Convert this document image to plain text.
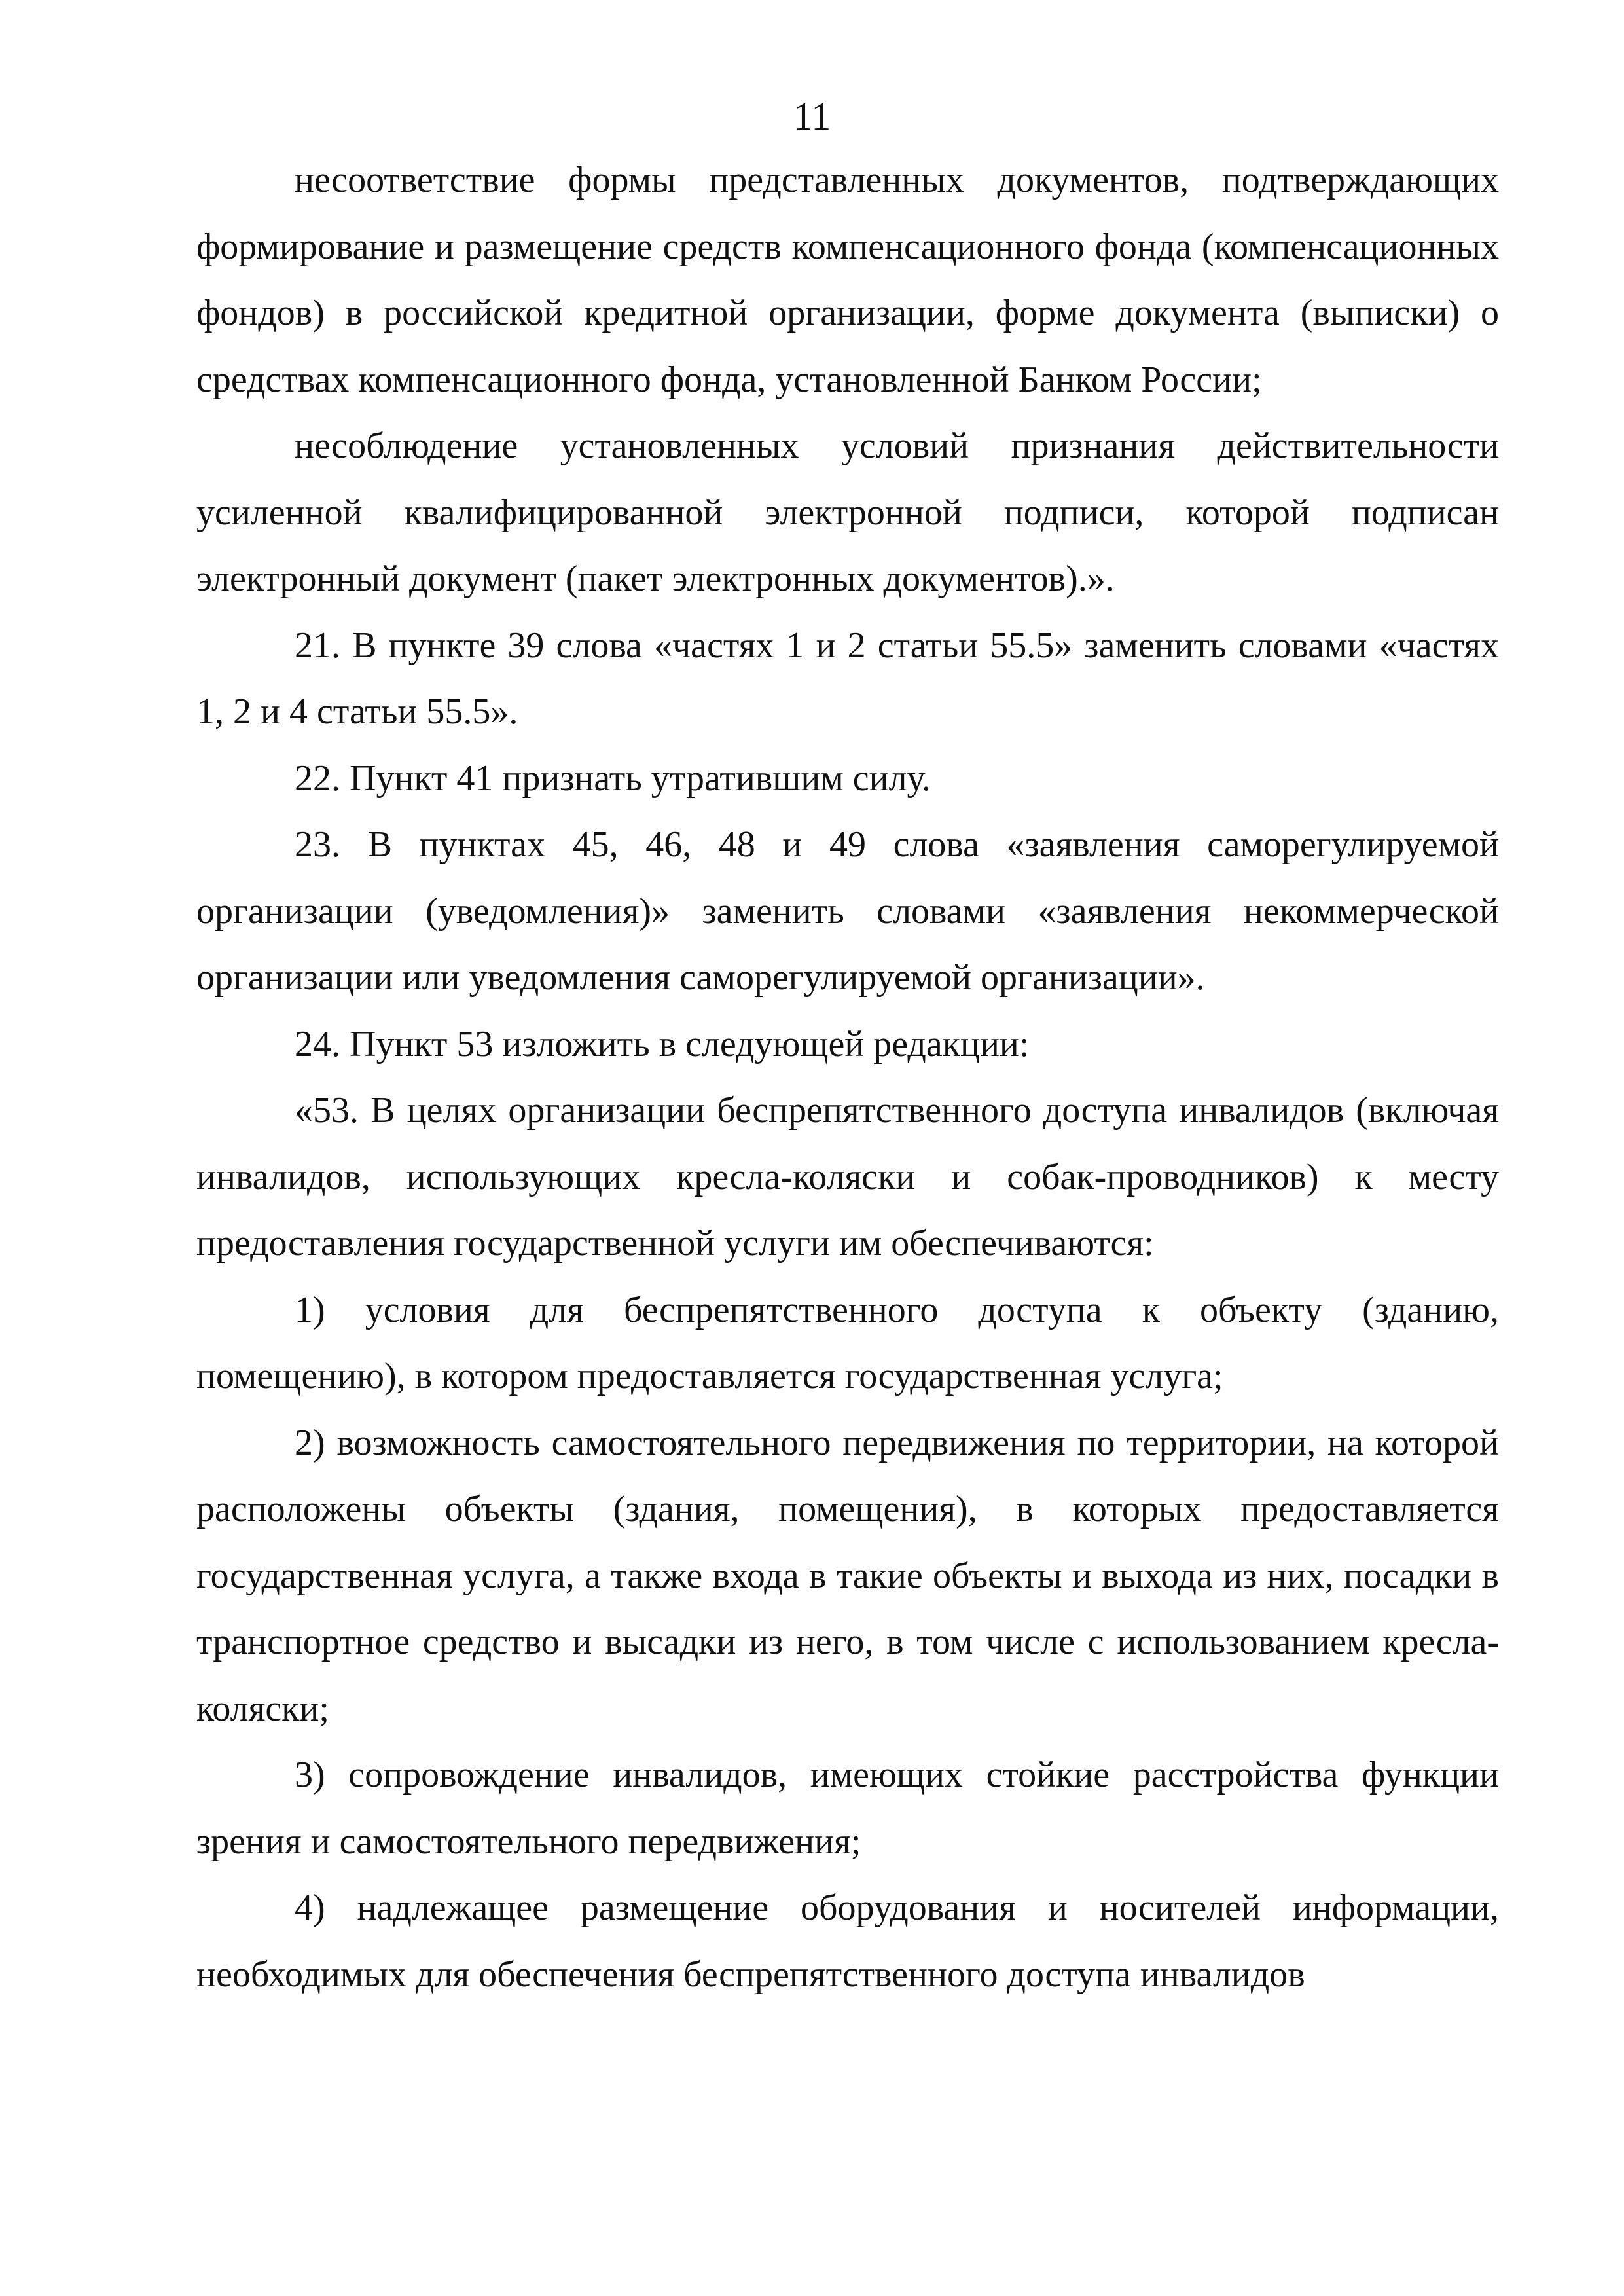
11

несоответствие формы представленных документов, подтверждающих формирование и размещение средств компенсационного фонда (компенсационных фондов) в российской кредитной организации, форме документа (выписки) о средствах компенсационного фонда, установленной Банком России;

несоблюдение установленных условий признания действительности усиленной квалифицированной электронной подписи, которой подписан электронный документ (пакет электронных документов).».

21. В пункте 39 слова «частях 1 и 2 статьи 55.5» заменить словами «частях 1, 2 и 4 статьи 55.5».

22. Пункт 41 признать утратившим силу.

23. В пунктах 45, 46, 48 и 49 слова «заявления саморегулируемой организации (уведомления)» заменить словами «заявления некоммерческой организации или уведомления саморегулируемой организации».

24. Пункт 53 изложить в следующей редакции:

«53. В целях организации беспрепятственного доступа инвалидов (включая инвалидов, использующих кресла-коляски и собак-проводников) к месту предоставления государственной услуги им обеспечиваются:

1) условия для беспрепятственного доступа к объекту (зданию, помещению), в котором предоставляется государственная услуга;

2) возможность самостоятельного передвижения по территории, на которой расположены объекты (здания, помещения), в которых предоставляется государственная услуга, а также входа в такие объекты и выхода из них, посадки в транспортное средство и высадки из него, в том числе с использованием кресла-коляски;

3) сопровождение инвалидов, имеющих стойкие расстройства функции зрения и самостоятельного передвижения;

4) надлежащее размещение оборудования и носителей информации, необходимых для обеспечения беспрепятственного доступа инвалидов
